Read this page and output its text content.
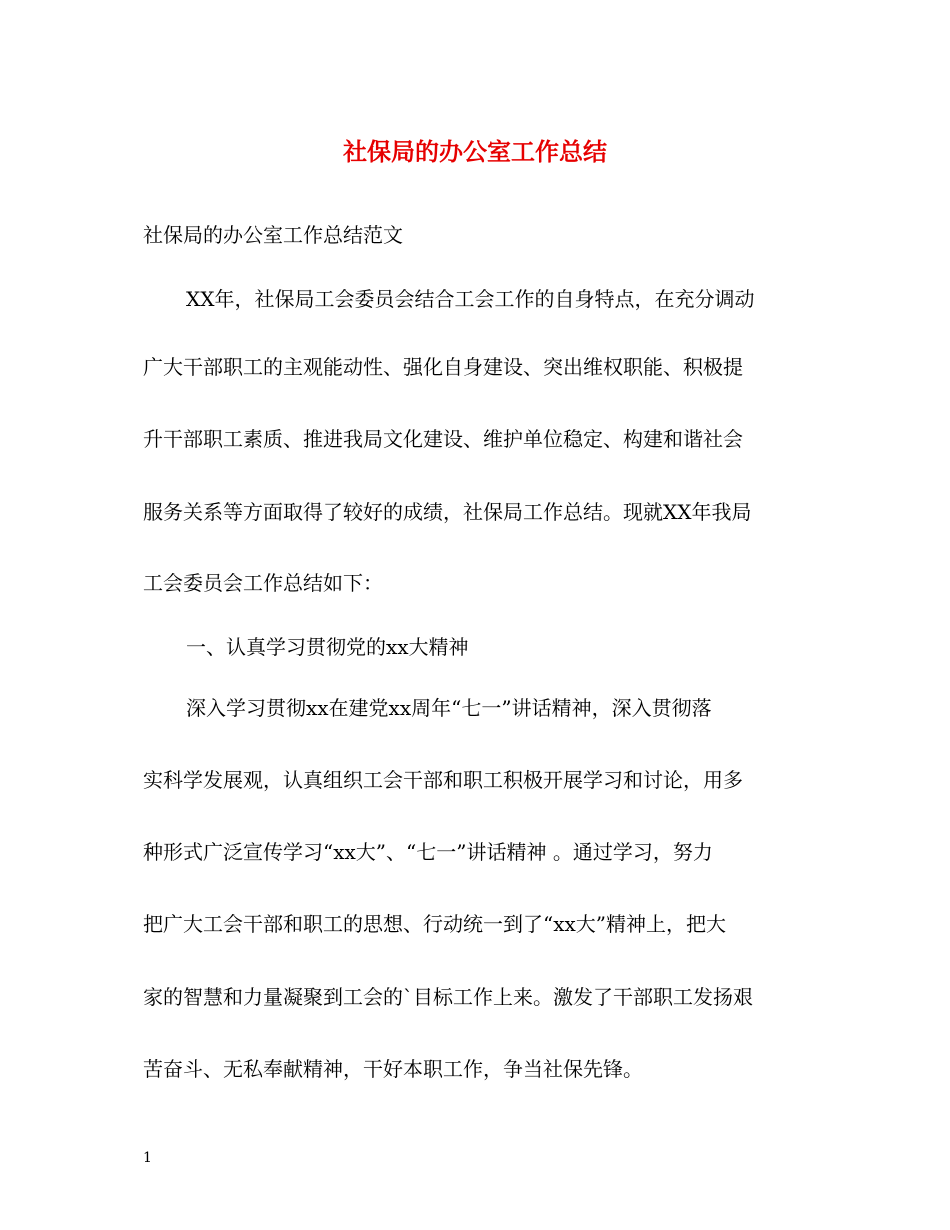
社保局的办公室工作总结
社保局的办公室工作总结范文
XX年，社保局工会委员会结合工会工作的自身特点，在充分调动
广大干部职工的主观能动性、强化自身建设、突出维权职能、积极提
升干部职工素质、推进我局文化建设、维护单位稳定、构建和谐社会
服务关系等方面取得了较好的成绩，社保局工作总结。现就XX年我局
工会委员会工作总结如下：
一、认真学习贯彻党的xx大精神
深入学习贯彻xx在建党xx周年“七一”讲话精神，深入贯彻落
实科学发展观，认真组织工会干部和职工积极开展学习和讨论，用多
种形式广泛宣传学习“xx大”、“七一”讲话精神 。通过学习，努力
把广大工会干部和职工的思想、行动统一到了“xx大”精神上，把大
家的智慧和力量凝聚到工会的`目标工作上来。激发了干部职工发扬艰
苦奋斗、无私奉献精神，干好本职工作，争当社保先锋。
1
